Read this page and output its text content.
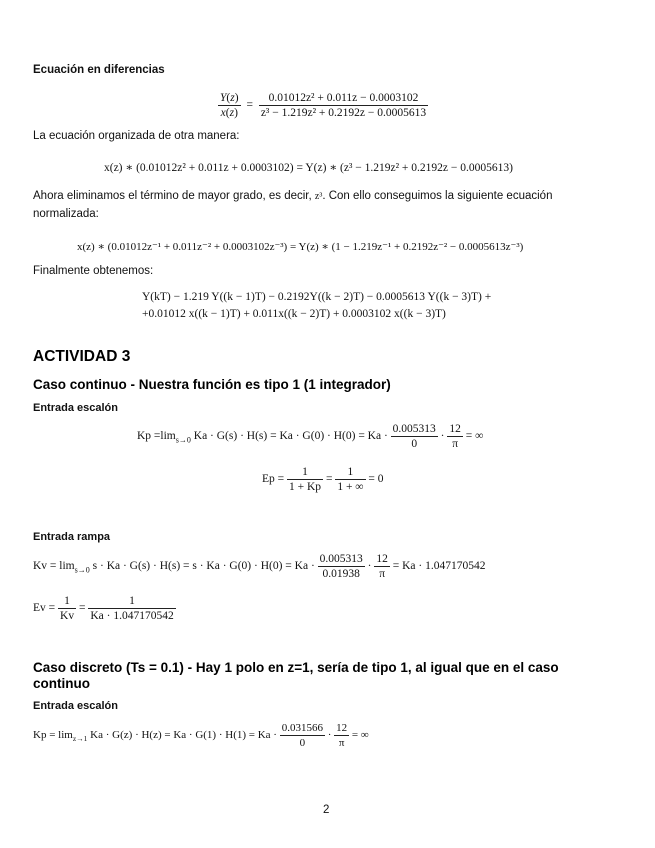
Ecuación en diferencias
$\frac{Y(z)}{x(z)} = \frac{\text{0.01012z² + 0.011z − 0.0003102}}{\text{z³ − 1.219z² + 0.2192z − 0.0005613}}$
La ecuación organizada de otra manera:
x(z) ∗ (0.01012z² + 0.011z + 0.0003102) = Y(z) ∗ (z³ − 1.219z² + 0.2192z − 0.0005613)
Ahora eliminamos el término de mayor grado, es decir, z³. Con ello conseguimos la siguiente ecuación
normalizada:
x(z) ∗ (0.01012z⁻¹ + 0.011z⁻² + 0.0003102z⁻³) = Y(z) ∗ (1 − 1.219z⁻¹ + 0.2192z⁻² − 0.0005613z⁻³)
Finalmente obtenemos:
Y(kT) − 1.219 Y((k − 1)T) − 0.2192Y((k − 2)T) − 0.0005613 Y((k − 3)T) +
+0.01012 x((k − 1)T) + 0.011x((k − 2)T) + 0.0003102 x((k − 3)T)
ACTIVIDAD 3
Caso continuo - Nuestra función es tipo 1 (1 integrador)
Entrada escalón
$Kp =\lim_{s\to 0}$ $Ka \cdot G(s) \cdot H(s) = Ka \cdot G(0) \cdot H(0) = Ka \cdot \frac{0.005313}{0} \cdot \frac{12}{\pi}$ = ∞
$Ep = \frac{1}{1 + Kp} = \frac{1}{1 + \infty} = 0$
Entrada rampa
$Kv = \lim_{s\to 0} s \cdot Ka \cdot G(s) \cdot H(s) = s \cdot Ka \cdot G(0) \cdot H(0) = Ka \cdot \frac{0.005313}{0.01938} \cdot \frac{12}{\pi} = Ka \cdot 1.047170542$
$Ev = \frac{1}{Kv} = \frac{1}{Ka \cdot 1.047170542}$
Caso discreto (Ts = 0.1) - Hay 1 polo en z=1, sería de tipo 1, al igual que en el caso continuo
Entrada escalón
$Kp = \lim_{z\to 1} Ka \cdot G(z) \cdot H(z) = Ka \cdot G(1) \cdot H(1) = Ka \cdot \frac{0.031566}{0} \cdot \frac{12}{\pi}$ = ∞
2
